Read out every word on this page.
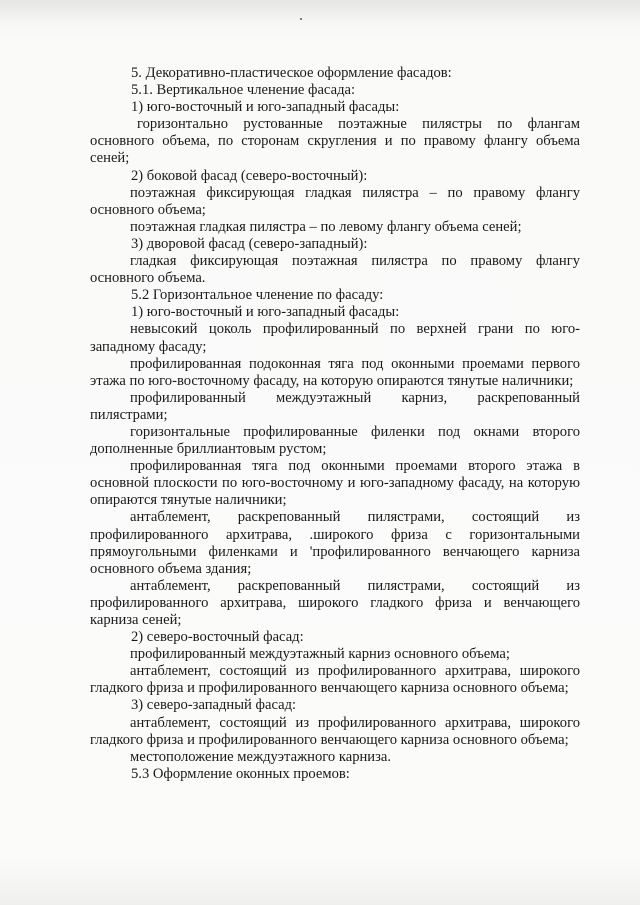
5. Декоративно-пластическое оформление фасадов:

5.1. Вертикальное членение фасада:

1) юго-восточный и юго-западный фасады:

горизонтально рустованные поэтажные пилястры по флангам основного объема, по сторонам скругления и по правому флангу объема сеней;

2) боковой фасад (северо-восточный):

поэтажная фиксирующая гладкая пилястра – по правому флангу основного объема;

поэтажная гладкая пилястра – по левому флангу объема сеней;

3) дворовой фасад (северо-западный):

гладкая фиксирующая поэтажная пилястра по правому флангу основного объема.

5.2 Горизонтальное членение по фасаду:

1) юго-восточный и юго-западный фасады:

невысокий цоколь профилированный по верхней грани по юго-западному фасаду;

профилированная подоконная тяга под оконными проемами первого этажа по юго-восточному фасаду, на которую опираются тянутые наличники;

профилированный междуэтажный карниз, раскрепованный пилястрами;

горизонтальные профилированные филенки под окнами второго дополненные бриллиантовым рустом;

профилированная тяга под оконными проемами второго этажа в основной плоскости по юго-восточному и юго-западному фасаду, на которую опираются тянутые наличники;

антаблемент, раскрепованный пилястрами, состоящий из профилированного архитрава, .широкого фриза с горизонтальными прямоугольными филенками и 'профилированного венчающего карниза основного объема здания;

антаблемент, раскрепованный пилястрами, состоящий из профилированного архитрава, широкого гладкого фриза и венчающего карниза сеней;

2) северо-восточный фасад:

профилированный междуэтажный карниз основного объема;

антаблемент, состоящий из профилированного архитрава, широкого гладкого фриза и профилированного венчающего карниза основного объема;

3) северо-западный фасад:

антаблемент, состоящий из профилированного архитрава, широкого гладкого фриза и профилированного венчающего карниза основного объема;

местоположение междуэтажного карниза.

5.3 Оформление оконных проемов:
